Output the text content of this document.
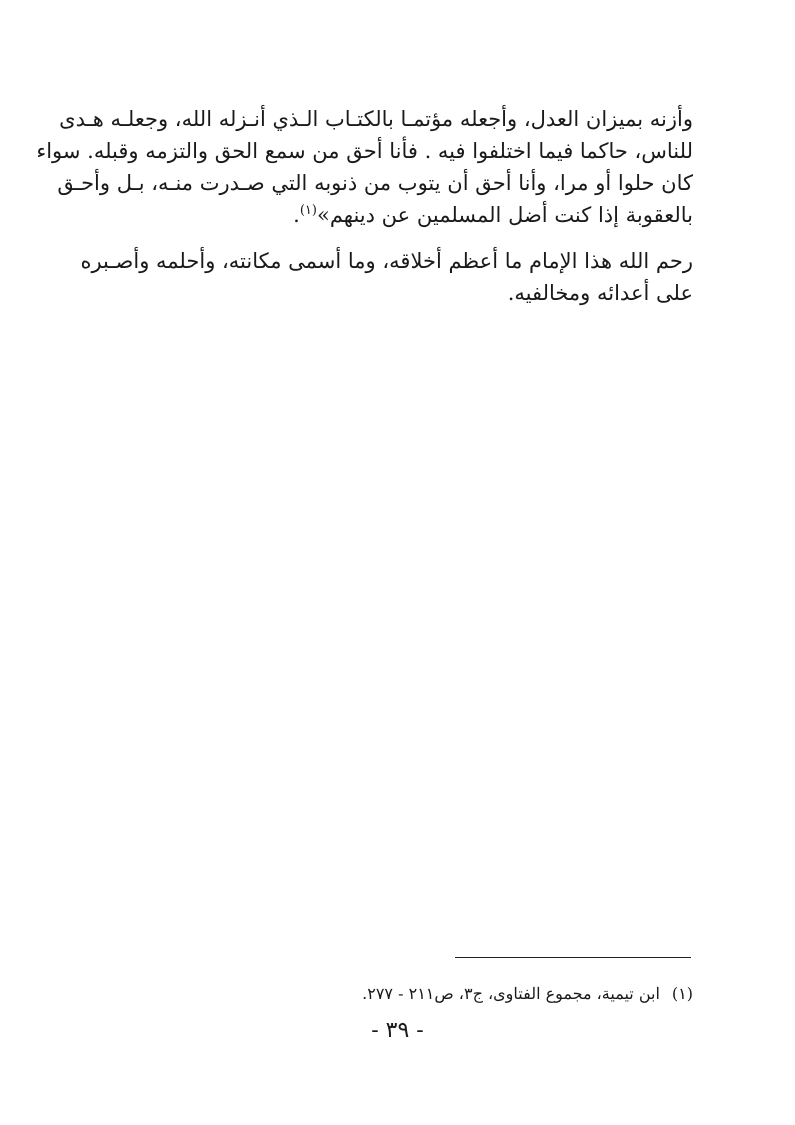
وأزنه بميزان العدل، وأجعله مؤتمـا بالكتـاب الـذي أنـزله الله، وجعلـه هـدى
للناس، حاكما فيما اختلفوا فيه . فأنا أحق من سمع الحق والتزمه وقبله. سواء
كان حلوا أو مرا، وأنا أحق أن يتوب من ذنوبه التي صـدرت منـه، بـل وأحـق
بالعقوبة إذا كنت أضل المسلمين عن دينهم»$^{(١)}$.

رحم الله هذا الإمام ما أعظم أخلاقه، وما أسمى مكانته، وأحلمه وأصـبره
على أعدائه ومخالفيه.

(١)ابن تيمية، مجموع الفتاوى، ج٣، ص٢١١ - ٢٧٧.
- ٣٩ -
